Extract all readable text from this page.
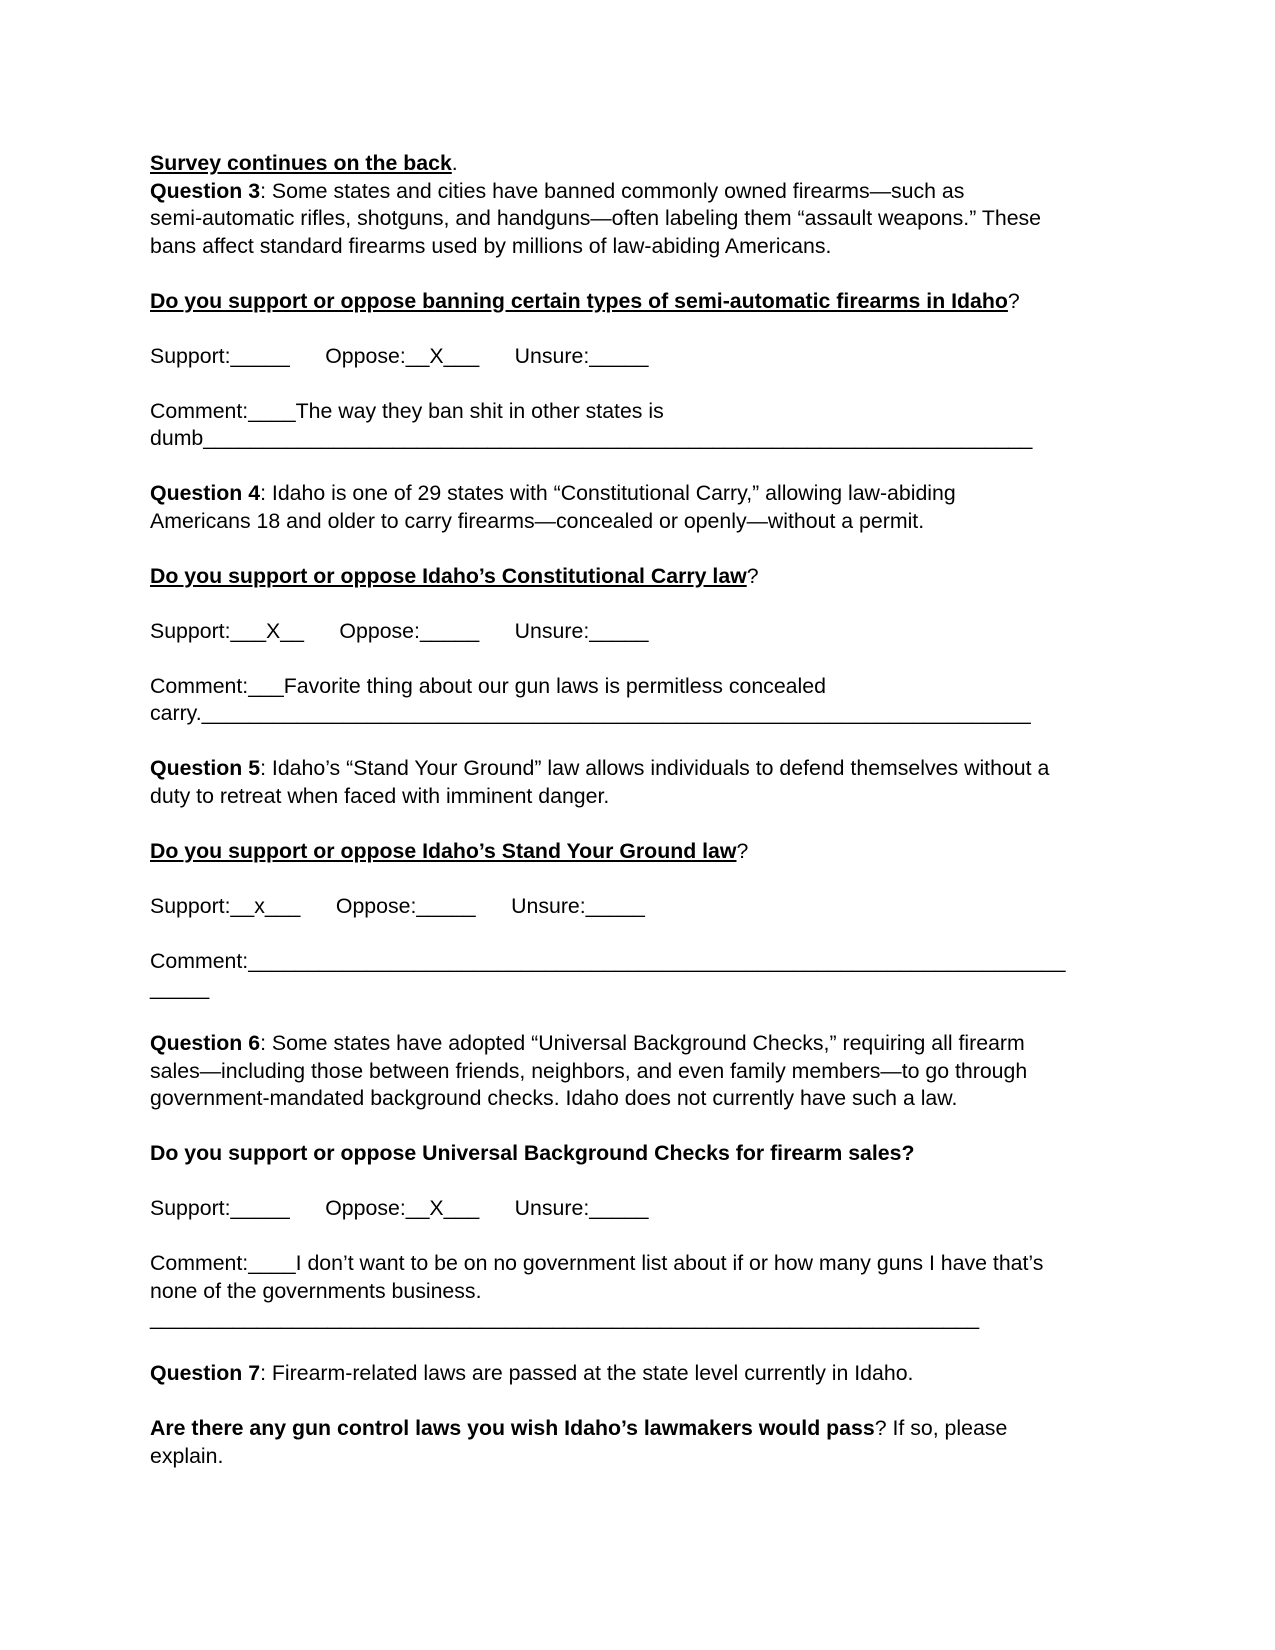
Survey continues on the back.

Question 3: Some states and cities have banned commonly owned firearms—such as

semi-automatic rifles, shotguns, and handguns—often labeling them “assault weapons.” These

bans affect standard firearms used by millions of law-abiding Americans.

Do you support or oppose banning certain types of semi-automatic firearms in Idaho?

Support:_____      Oppose:__X___      Unsure:_____

Comment:____The way they ban shit in other states is

dumb______________________________________________________________________

Question 4: Idaho is one of 29 states with “Constitutional Carry,” allowing law-abiding

Americans 18 and older to carry firearms—concealed or openly—without a permit.

Do you support or oppose Idaho’s Constitutional Carry law?

Support:___X__      Oppose:_____      Unsure:_____

Comment:___Favorite thing about our gun laws is permitless concealed

carry.______________________________________________________________________

Question 5: Idaho’s “Stand Your Ground” law allows individuals to defend themselves without a

duty to retreat when faced with imminent danger.

Do you support or oppose Idaho’s Stand Your Ground law?

Support:__x___      Oppose:_____      Unsure:_____

Comment:_____________________________________________________________________

_____

Question 6: Some states have adopted “Universal Background Checks,” requiring all firearm

sales—including those between friends, neighbors, and even family members—to go through

government-mandated background checks. Idaho does not currently have such a law.

Do you support or oppose Universal Background Checks for firearm sales?

Support:_____      Oppose:__X___      Unsure:_____

Comment:____I don’t want to be on no government list about if or how many guns I have that’s

none of the governments business.

______________________________________________________________________

Question 7: Firearm-related laws are passed at the state level currently in Idaho.

Are there any gun control laws you wish Idaho’s lawmakers would pass? If so, please

explain.
